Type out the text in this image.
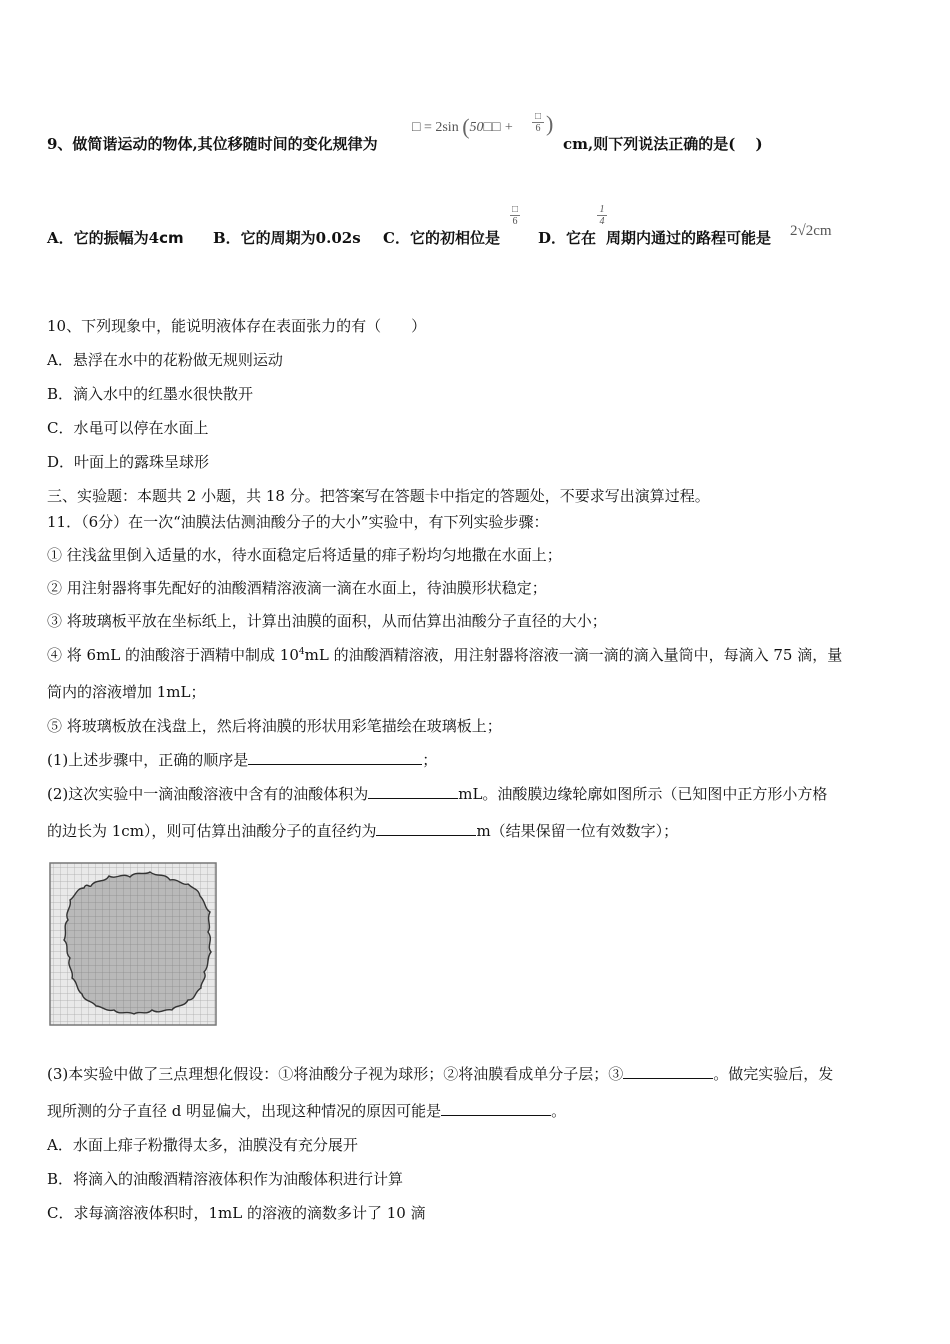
9、做简谐运动的物体,其位移随时间的变化规律为
□ = 2sin (50□□ +
□
6 )
cm,则下列说法正确的是(　 )
A．它的振幅为4cm B．它的周期为0.02s C．它的初相位是
□
6
D．它在
$\frac{1}{4}$
周期内通过的路程可能是 2√2cm
10、下列现象中，能说明液体存在表面张力的有（　　）
A．悬浮在水中的花粉做无规则运动
B．滴入水中的红墨水很快散开
C．水黾可以停在水面上
D．叶面上的露珠呈球形
三、实验题：本题共 2 小题，共 18 分。把答案写在答题卡中指定的答题处，不要求写出演算过程。
11．（6分）在一次“油膜法估测油酸分子的大小”实验中，有下列实验步骤：
① 往浅盆里倒入适量的水，待水面稳定后将适量的痱子粉均匀地撒在水面上；
② 用注射器将事先配好的油酸酒精溶液滴一滴在水面上，待油膜形状稳定；
③ 将玻璃板平放在坐标纸上，计算出油膜的面积，从而估算出油酸分子直径的大小；
④ 将 6mL 的油酸溶于酒精中制成 $10^4mL$ 的油酸酒精溶液，用注射器将溶液一滴一滴的滴入量筒中，每滴入 75 滴，量
筒内的溶液增加 1mL；
⑤ 将玻璃板放在浅盘上，然后将油膜的形状用彩笔描绘在玻璃板上；
(1)上述步骤中，正确的顺序是	；
(2)这次实验中一滴油酸溶液中含有的油酸体积为	mL。油酸膜边缘轮廓如图所示（已知图中正方形小方格
的边长为 1cm），则可估算出油酸分子的直径约为	m（结果保留一位有效数字）；
(3)本实验中做了三点理想化假设：①将油酸分子视为球形；②将油膜看成单分子层；③	。做完实验后，发
现所测的分子直径 d 明显偏大，出现这种情况的原因可能是	。
A．水面上痱子粉撒得太多，油膜没有充分展开
B．将滴入的油酸酒精溶液体积作为油酸体积进行计算
C．求每滴溶液体积时，1mL 的溶液的滴数多计了 10 滴
